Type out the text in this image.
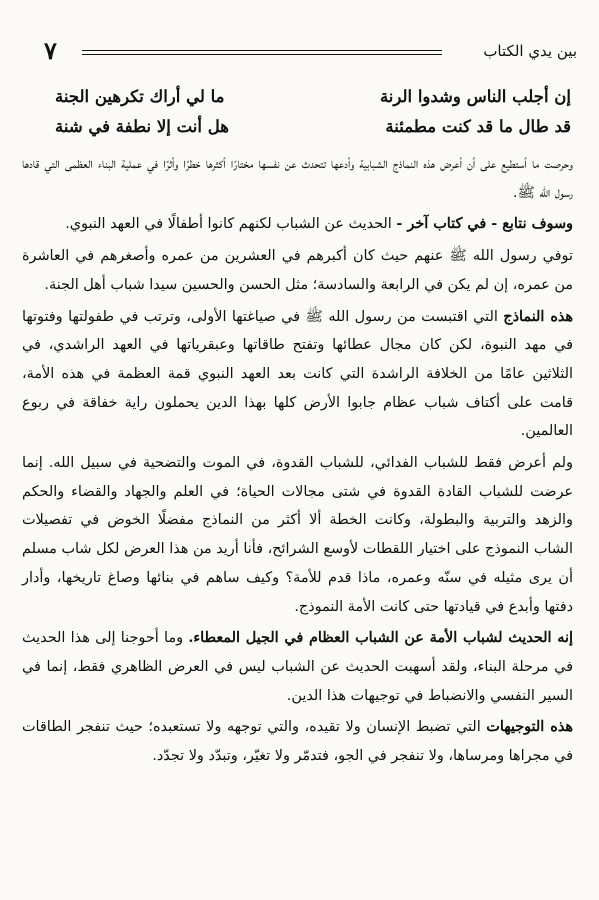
بين يدي الكتاب
٧
إن أجلب الناس وشدوا الرنة
ما لي أراك تكرهين الجنة
قد طال ما قد كنت مطمئنة
هل أنت إلا نطفة في شنة

وحرصت ما أستطيع على أن أعرض هذه النماذج الشبابية وأدعها تتحدث عن نفسها مختارًا أكثرها خطرًا وأثرًا في عملية البناء العظمى التي قادها رسول الله ﷺ.

وسوف نتابع - في كتاب آخر - الحديث عن الشباب لكنهم كانوا أطفالًا في العهد النبوي.

توفي رسول الله ﷺ عنهم حيث كان أكبرهم في العشرين من عمره وأصغرهم في العاشرة من عمره، إن لم يكن في الرابعة والسادسة؛ مثل الحسن والحسين سيدا شباب أهل الجنة.

هذه النماذج التي اقتبست من رسول الله ﷺ في صياغتها الأولى، وترتب في طفولتها وفتوتها في مهد النبوة، لكن كان مجال عطائها وتفتح طاقاتها وعبقرياتها في العهد الراشدي، في الثلاثين عامًا من الخلافة الراشدة التي كانت بعد العهد النبوي قمة العظمة في هذه الأمة، قامت على أكتاف شباب عظام جابوا الأرض كلها بهذا الدين يحملون راية خفاقة في ربوع العالمين.

ولم أعرض فقط للشباب الفدائي، للشباب القدوة، في الموت والتضحية في سبيل الله. إنما عرضت للشباب القادة القدوة في شتى مجالات الحياة؛ في العلم والجهاد والقضاء والحكم والزهد والتربية والبطولة، وكانت الخطة ألا أكثر من النماذج مفضلًا الخوض في تفصيلات الشاب النموذج على اختيار اللقطات لأوسع الشرائح، فأنا أريد من هذا العرض لكل شاب مسلم أن يرى مثيله في سنّه وعمره، ماذا قدم للأمة؟ وكيف ساهم في بنائها وصاغ تاريخها، وأدار دفتها وأبدع في قيادتها حتى كانت الأمة النموذج.

إنه الحديث لشباب الأمة عن الشباب العظام في الجيل المعطاء. وما أحوجنا إلى هذا الحديث في مرحلة البناء، ولقد أسهبت الحديث عن الشباب ليس في العرض الظاهري فقط، إنما في السير النفسي والانضباط في توجيهات هذا الدين.

هذه التوجيهات التي تضبط الإنسان ولا تقيده، والتي توجهه ولا تستعبده؛ حيث تنفجر الطاقات في مجراها ومرساها، ولا تنفجر في الجو، فتدمّر ولا تغيّر، وتبدّد ولا تجدّد.
